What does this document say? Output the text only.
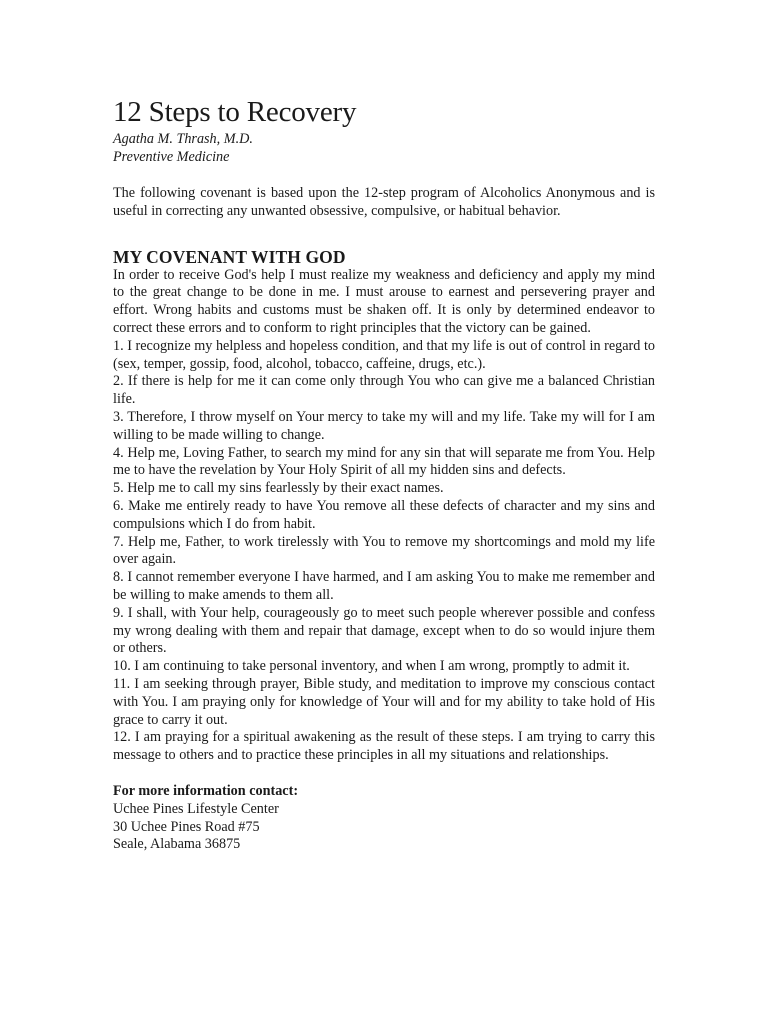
12 Steps to Recovery

Agatha M. Thrash, M.D.

Preventive Medicine

The following covenant is based upon the 12-step program of Alcoholics Anonymous and is useful in correcting any unwanted obsessive, compulsive, or habitual behavior.

MY COVENANT WITH GOD

In order to receive God's help I must realize my weakness and deficiency and apply my mind to the great change to be done in me. I must arouse to earnest and persevering prayer and effort. Wrong habits and customs must be shaken off. It is only by determined endeavor to correct these errors and to conform to right principles that the victory can be gained.

1. I recognize my helpless and hopeless condition, and that my life is out of control in regard to (sex, temper, gossip, food, alcohol, tobacco, caffeine, drugs, etc.).

2. If there is help for me it can come only through You who can give me a balanced Christian life.

3. Therefore, I throw myself on Your mercy to take my will and my life. Take my will for I am willing to be made willing to change.

4. Help me, Loving Father, to search my mind for any sin that will separate me from You. Help me to have the revelation by Your Holy Spirit of all my hidden sins and defects.

5. Help me to call my sins fearlessly by their exact names.

6. Make me entirely ready to have You remove all these defects of character and my sins and compulsions which I do from habit.

7. Help me, Father, to work tirelessly with You to remove my shortcomings and mold my life over again.

8. I cannot remember everyone I have harmed, and I am asking You to make me remember and be willing to make amends to them all.

9. I shall, with Your help, courageously go to meet such people wherever possible and confess my wrong dealing with them and repair that damage, except when to do so would injure them or others.

10. I am continuing to take personal inventory, and when I am wrong, promptly to admit it.

11. I am seeking through prayer, Bible study, and meditation to improve my conscious contact with You. I am praying only for knowledge of Your will and for my ability to take hold of His grace to carry it out.

12. I am praying for a spiritual awakening as the result of these steps. I am trying to carry this message to others and to practice these principles in all my situations and relationships.

For more information contact:
Uchee Pines Lifestyle Center
30 Uchee Pines Road #75
Seale, Alabama 36875
